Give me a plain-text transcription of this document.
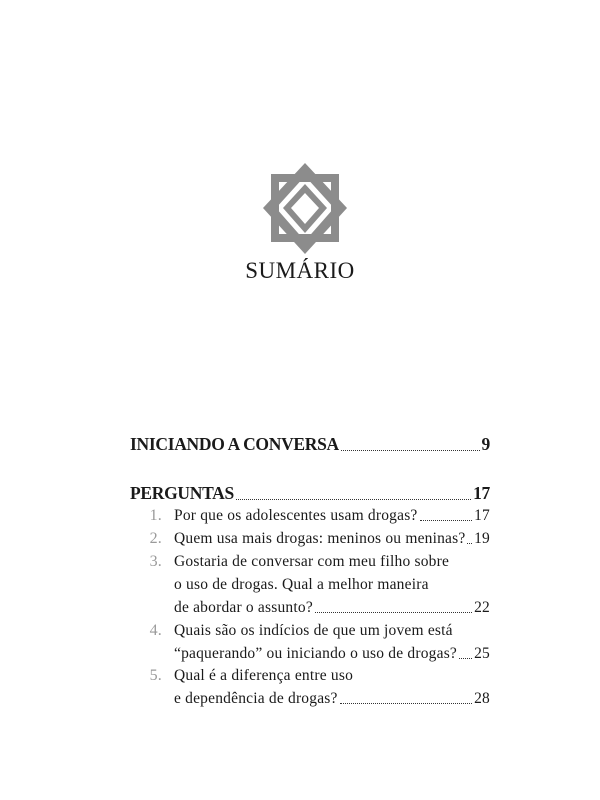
SUMÁRIO
INICIANDO A CONVERSA	9
PERGUNTAS	17
1. Por que os adolescentes usam drogas?	17
2. Quem usa mais drogas: meninos ou meninas? 19
3. Gostaria de conversar com meu filho sobre
o uso de drogas. Qual a melhor maneira
de abordar o assunto?	22
4. Quais são os indícios de que um jovem está
“paquerando” ou iniciando o uso de drogas? 25
5. Qual é a diferença entre uso
e dependência de drogas?	28
